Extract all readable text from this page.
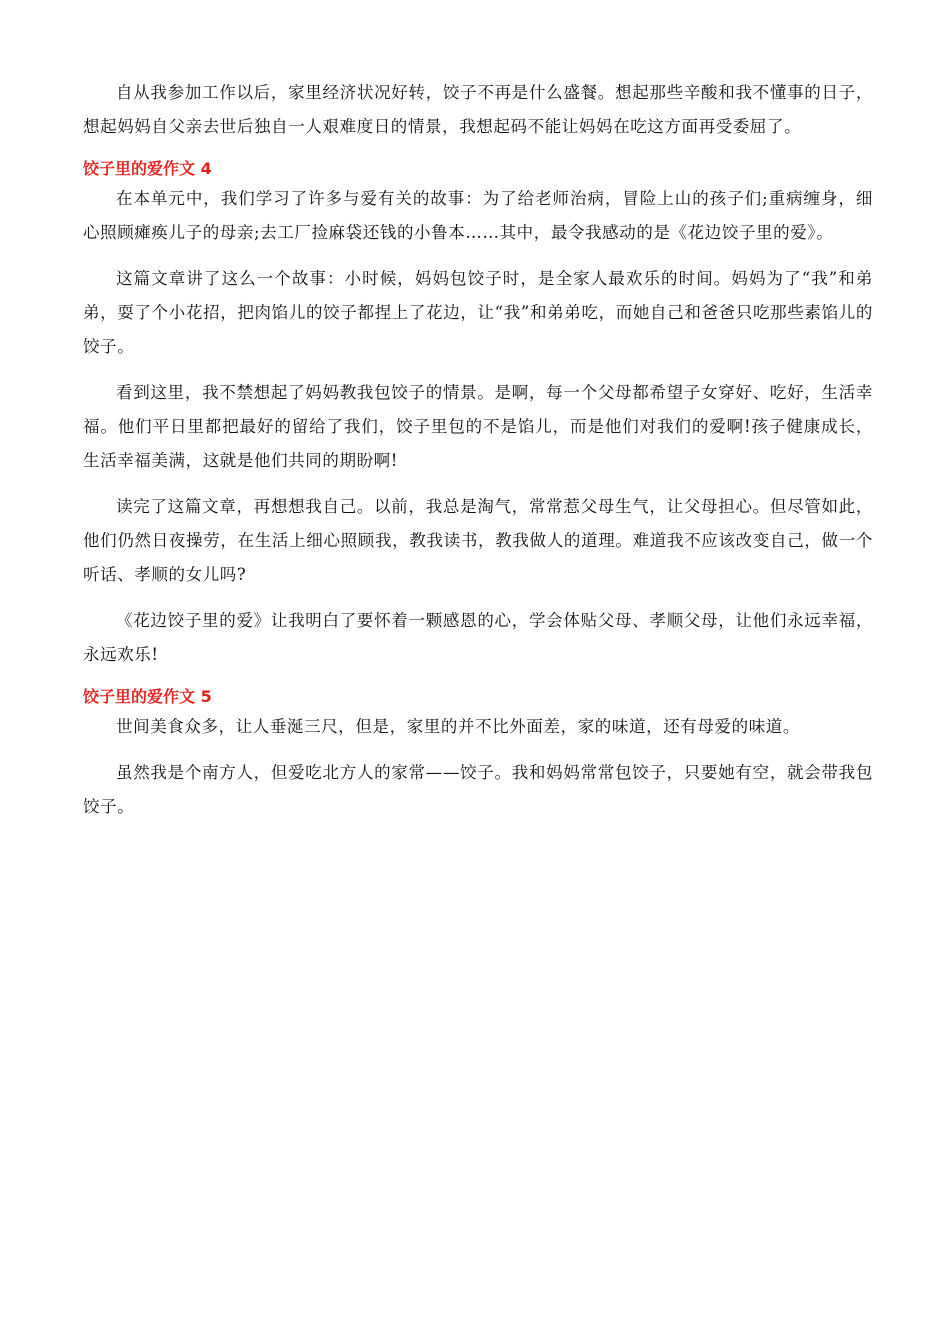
自从我参加工作以后，家里经济状况好转，饺子不再是什么盛餐。想起那些辛酸和我不懂事的日子，想起妈妈自父亲去世后独自一人艰难度日的情景，我想起码不能让妈妈在吃这方面再受委屈了。

饺子里的爱作文 4

在本单元中，我们学习了许多与爱有关的故事：为了给老师治病，冒险上山的孩子们;重病缠身，细心照顾瘫痪儿子的母亲;去工厂捡麻袋还钱的小鲁本……其中，最令我感动的是《花边饺子里的爱》。

这篇文章讲了这么一个故事：小时候，妈妈包饺子时，是全家人最欢乐的时间。妈妈为了“我”和弟弟，耍了个小花招，把肉馅儿的饺子都捏上了花边，让“我”和弟弟吃，而她自己和爸爸只吃那些素馅儿的饺子。

看到这里，我不禁想起了妈妈教我包饺子的情景。是啊，每一个父母都希望子女穿好、吃好，生活幸福。他们平日里都把最好的留给了我们，饺子里包的不是馅儿，而是他们对我们的爱啊!孩子健康成长，生活幸福美满，这就是他们共同的期盼啊!

读完了这篇文章，再想想我自己。以前，我总是淘气，常常惹父母生气，让父母担心。但尽管如此，他们仍然日夜操劳，在生活上细心照顾我，教我读书，教我做人的道理。难道我不应该改变自己，做一个听话、孝顺的女儿吗?

《花边饺子里的爱》让我明白了要怀着一颗感恩的心，学会体贴父母、孝顺父母，让他们永远幸福，永远欢乐!

饺子里的爱作文 5

世间美食众多，让人垂涎三尺，但是，家里的并不比外面差，家的味道，还有母爱的味道。

虽然我是个南方人，但爱吃北方人的家常——饺子。我和妈妈常常包饺子，只要她有空，就会带我包饺子。
